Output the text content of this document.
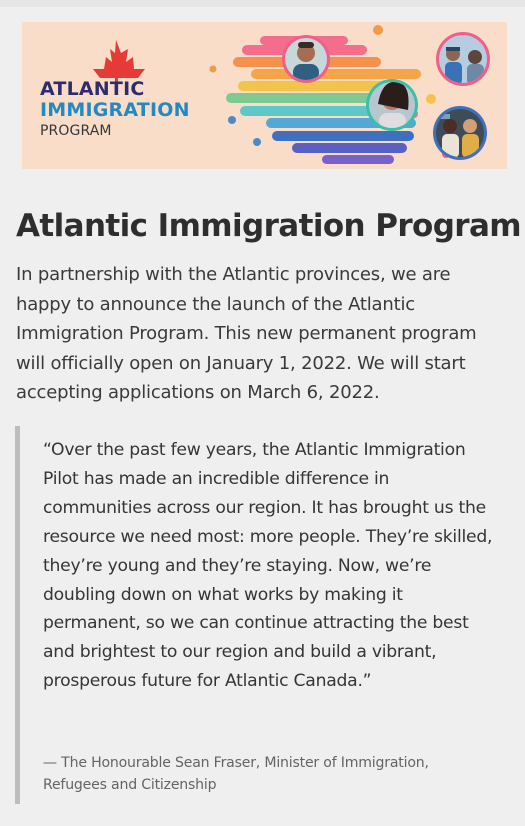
ATLANTIC
IMMIGRATION
PROGRAM
Atlantic Immigration Program

In partnership with the Atlantic provinces, we are happy to announce the launch of the Atlantic Immigration Program. This new permanent program will officially open on January 1, 2022. We will start accepting applications on March 6, 2022.

“Over the past few years, the Atlantic Immigration Pilot has made an incredible difference in communities across our region. It has brought us the resource we need most: more people. They’re skilled, they’re young and they’re staying. Now, we’re doubling down on what works by making it permanent, so we can continue attracting the best and brightest to our region and build a vibrant, prosperous future for Atlantic Canada.”

— The Honourable Sean Fraser, Minister of Immigration, Refugees and Citizenship
